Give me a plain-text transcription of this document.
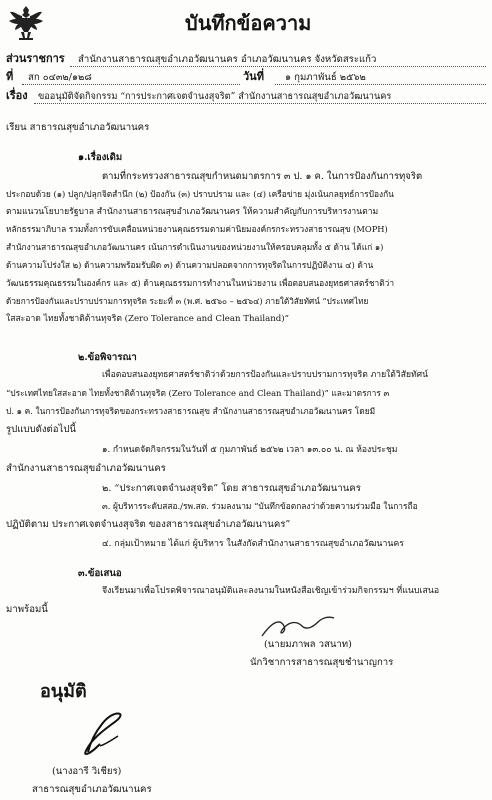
บันทึกข้อความ
ส่วนราชการ สำนักงานสาธารณสุขอำเภอวัฒนานคร อำเภอวัฒนานคร จังหวัดสระแก้ว
ที่ สก ๐๔๓๒/๑๒๘	วันที่ ๑ กุมภาพันธ์ ๒๕๖๒
เรื่อง ขออนุมัติจัดกิจกรรม “การประกาศเจตจำนงสุจริต” สำนักงานสาธารณสุขอำเภอวัฒนานคร
เรียน สาธารณสุขอำเภอวัฒนานคร
๑.เรื่องเดิม
ตามที่กระทรวงสาธารณสุขกำหนดมาตรการ ๓ ป. ๑ ค. ในการป้องกันการทุจริต
ประกอบด้วย (๑) ปลูก/ปลุกจิตสำนึก (๒) ป้องกัน (๓) ปราบปราม และ (๔) เครือข่าย มุ่งเน้นกลยุทธ์การป้องกัน
ตามแนวนโยบายรัฐบาล สำนักงานสาธารณสุขอำเภอวัฒนานคร ให้ความสำคัญกับการบริหารงานตาม
หลักธรรมาภิบาล รวมทั้งการขับเคลื่อนหน่วยงานคุณธรรมตามค่านิยมองค์กรกระทรวงสาธารณสุข (MOPH)
สำนักงานสาธารณสุขอำเภอวัฒนานคร เน้นการดำเนินงานของหน่วยงานให้ครอบคลุมทั้ง ๕ ด้าน ได้แก่ ๑)
ด้านความโปร่งใส ๒) ด้านความพร้อมรับผิด ๓) ด้านความปลอดจากการทุจริตในการปฏิบัติงาน ๔) ด้าน
วัฒนธรรมคุณธรรมในองค์กร และ ๕) ด้านคุณธรรมการทำงานในหน่วยงาน เพื่อตอบสนองยุทธศาสตร์ชาติว่า
ด้วยการป้องกันและปราบปรามการทุจริต ระยะที่ ๓ (พ.ศ. ๒๕๖๐ – ๒๕๖๔) ภายใต้วิสัยทัศน์ “ประเทศไทย
ใสสะอาด ไทยทั้งชาติต้านทุจริต (Zero Tolerance and Clean Thailand)”
๒.ข้อพิจารณา
เพื่อตอบสนองยุทธศาสตร์ชาติว่าด้วยการป้องกันและปราบปรามการทุจริต ภายใต้วิสัยทัศน์
“ประเทศไทยใสสะอาด ไทยทั้งชาติต้านทุจริต (Zero Tolerance and Clean Thailand)” และมาตรการ ๓
ป. ๑ ค. ในการป้องกันการทุจริตของกระทรวงสาธารณสุข สำนักงานสาธารณสุขอำเภอวัฒนานคร โดยมี
รูปแบบดังต่อไปนี้
๑. กำหนดจัดกิจกรรมในวันที่ ๕ กุมภาพันธ์ ๒๕๖๒ เวลา ๑๓.๐๐ น. ณ ห้องประชุม
สำนักงานสาธารณสุขอำเภอวัฒนานคร
๒. “ประกาศเจตจำนงสุจริต” โดย สาธารณสุขอำเภอวัฒนานคร
๓. ผู้บริหารระดับสสอ./รพ.สต. ร่วมลงนาม “บันทึกข้อตกลงว่าด้วยความร่วมมือ ในการถือ
ปฏิบัติตาม ประกาศเจตจำนงสุจริต ของสาธารณสุขอำเภอวัฒนานคร”
๔. กลุ่มเป้าหมาย ได้แก่ ผู้บริหาร ในสังกัดสำนักงานสาธารณสุขอำเภอวัฒนานคร
๓.ข้อเสนอ
จึงเรียนมาเพื่อโปรดพิจารณาอนุมัติและลงนามในหนังสือเชิญเข้าร่วมกิจกรรมฯ ที่แนบเสนอ
มาพร้อมนี้
(นายมภาพล วสนาท)
นักวิชาการสาธารณสุขชำนาญการ
อนุมัติ
(นางอารี วิเชียร)
สาธารณสุขอำเภอวัฒนานคร
